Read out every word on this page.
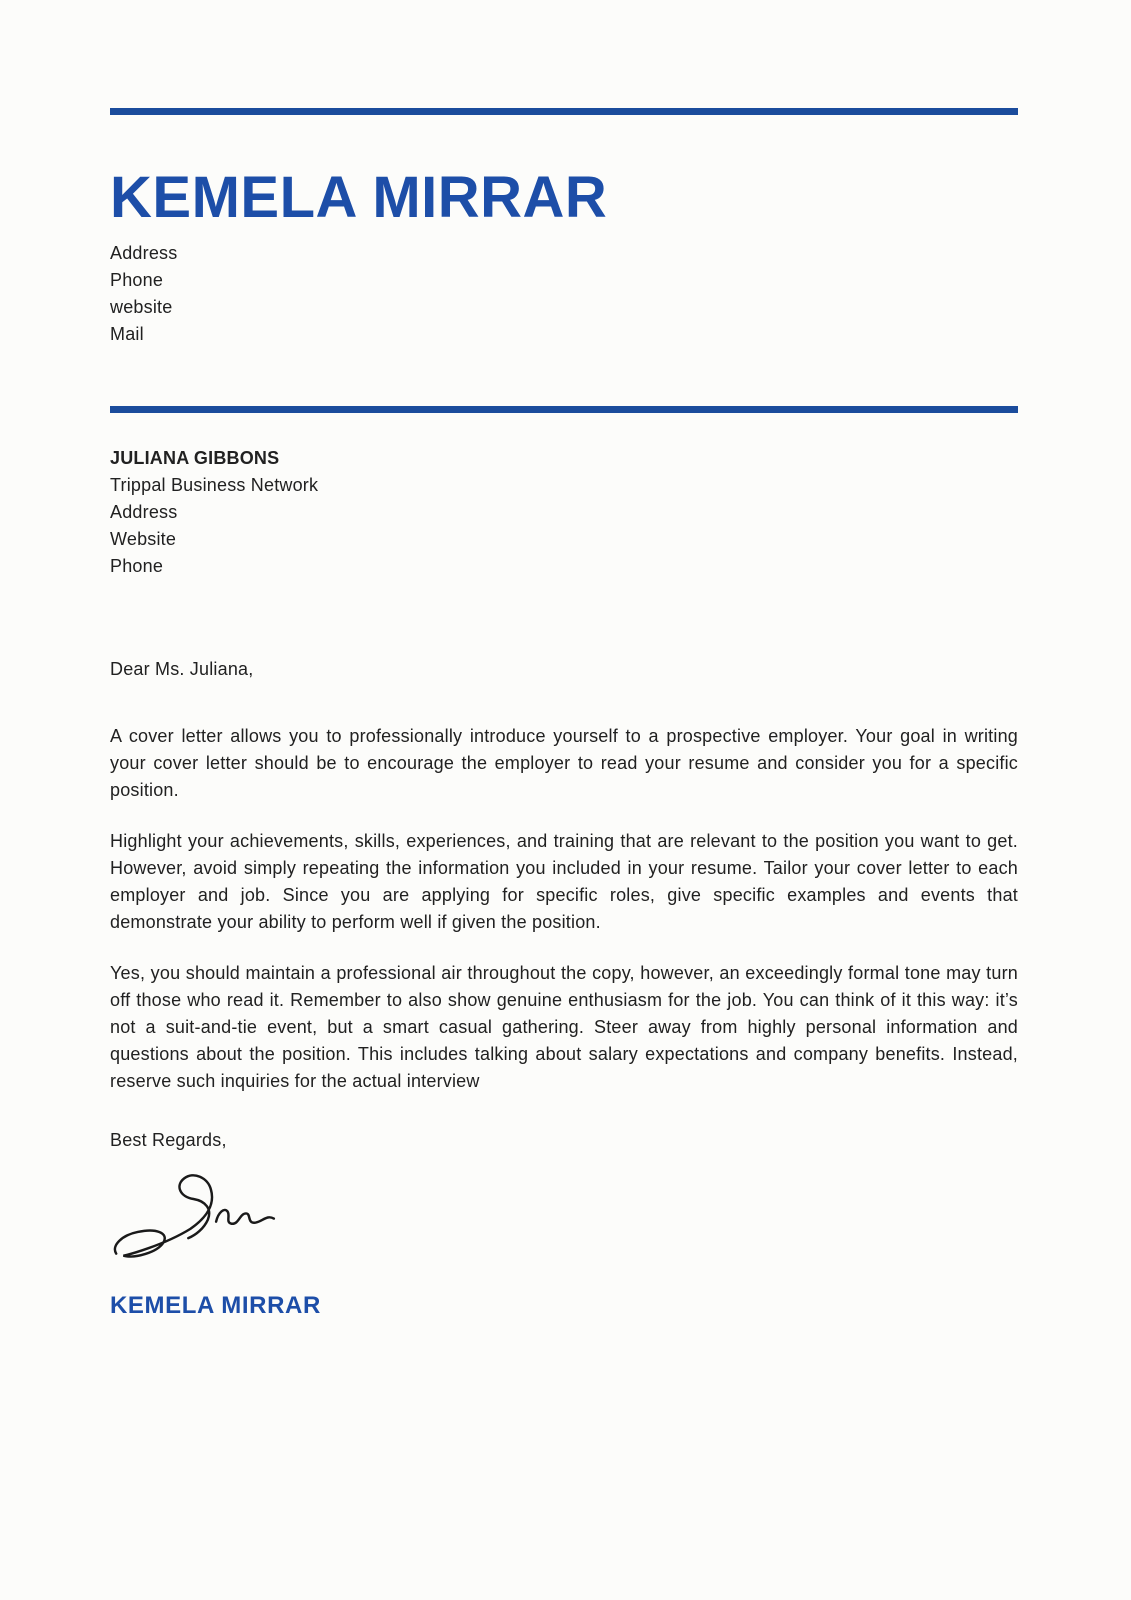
KEMELA MIRRAR
Address
Phone
website
Mail
JULIANA GIBBONS
Trippal Business Network
Address
Website
Phone
Dear Ms. Juliana,

A cover letter allows you to professionally introduce yourself to a prospective employer. Your goal in writing your cover letter should be to encourage the employer to read your resume and consider you for a specific position.

Highlight your achievements, skills, experiences, and training that are relevant to the position you want to get. However, avoid simply repeating the information you included in your resume. Tailor your cover letter to each employer and job. Since you are applying for specific roles, give specific examples and events that demonstrate your ability to perform well if given the position.

Yes, you should maintain a professional air throughout the copy, however, an exceedingly formal tone may turn off those who read it. Remember to also show genuine enthusiasm for the job. You can think of it this way: it’s not a suit-and-tie event, but a smart casual gathering. Steer away from highly personal information and questions about the position. This includes talking about salary expectations and company benefits. Instead, reserve such inquiries for the actual interview

Best Regards,
KEMELA MIRRAR
